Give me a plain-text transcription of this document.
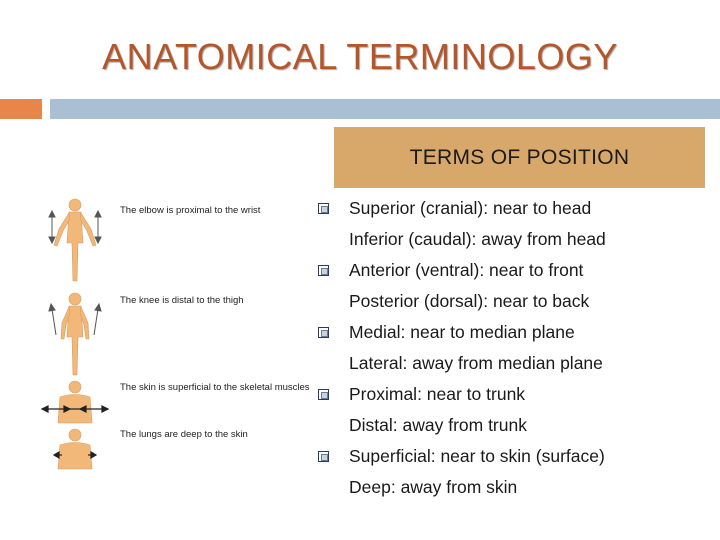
ANATOMICAL TERMINOLOGY
TERMS OF POSITION
The elbow is proximal to the wrist
The knee is distal to the thigh
The skin is superficial to the skeletal muscles
The lungs are deep to the skin
Superior (cranial): near to head
Inferior (caudal): away from head
Anterior (ventral): near to front
Posterior (dorsal): near to back
Medial: near to median plane
Lateral: away from median plane
Proximal: near to trunk
Distal: away from trunk
Superficial: near to skin (surface)
Deep: away from skin
